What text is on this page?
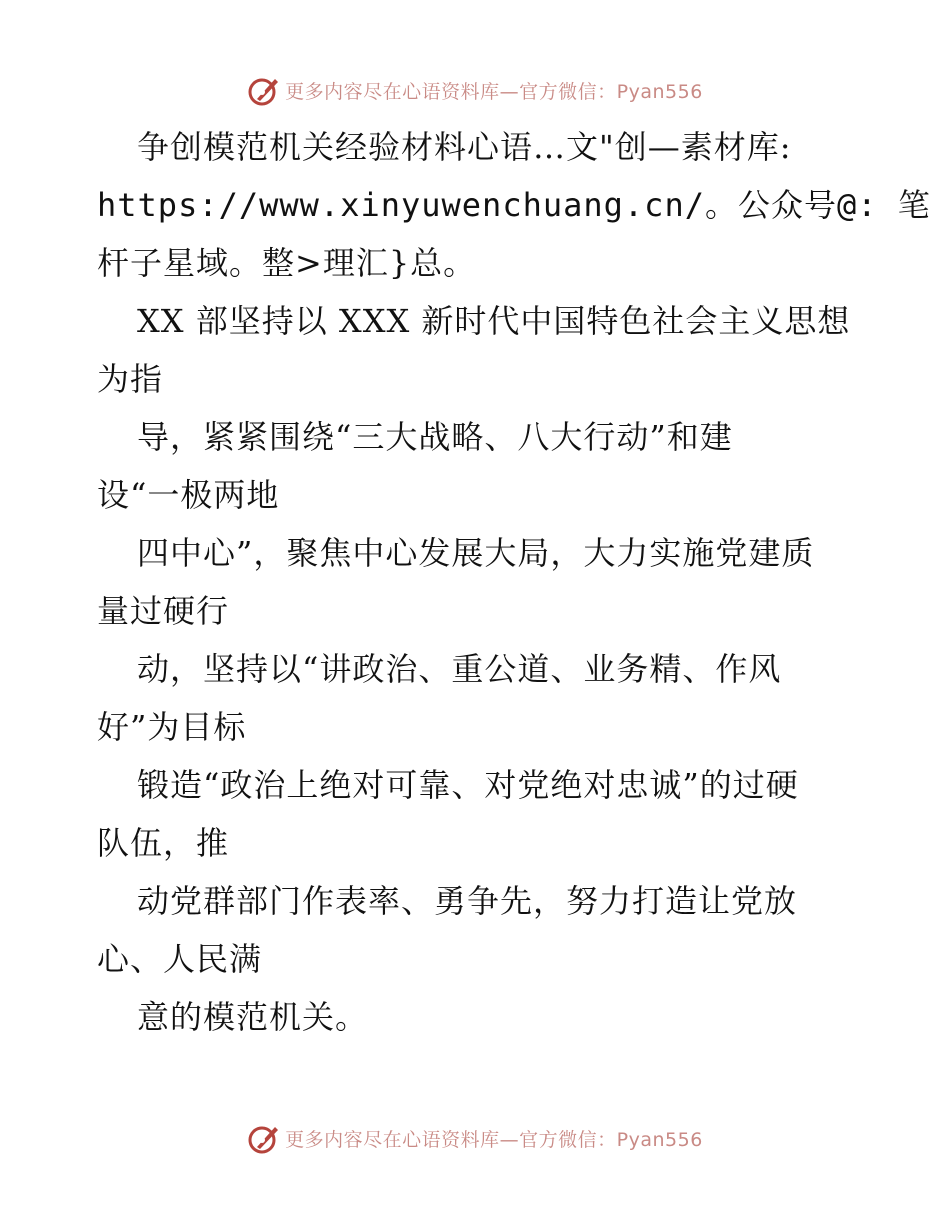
更多内容尽在心语资料库—官方微信：Pyan556

争创模范机关经验材料心语…文"创—素材库:

https://www.xinyuwenchuang.cn/。公众号@: 笔

杆子星域。整>理汇}总。

XX 部坚持以 XXX 新时代中国特色社会主义思想

为指

导，紧紧围绕“三大战略、八大行动”和建

设“一极两地

四中心”，聚焦中心发展大局，大力实施党建质

量过硬行

动，坚持以“讲政治、重公道、业务精、作风

好”为目标

锻造“政治上绝对可靠、对党绝对忠诚”的过硬

队伍，推

动党群部门作表率、勇争先，努力打造让党放

心、人民满

意的模范机关。

更多内容尽在心语资料库—官方微信：Pyan556
